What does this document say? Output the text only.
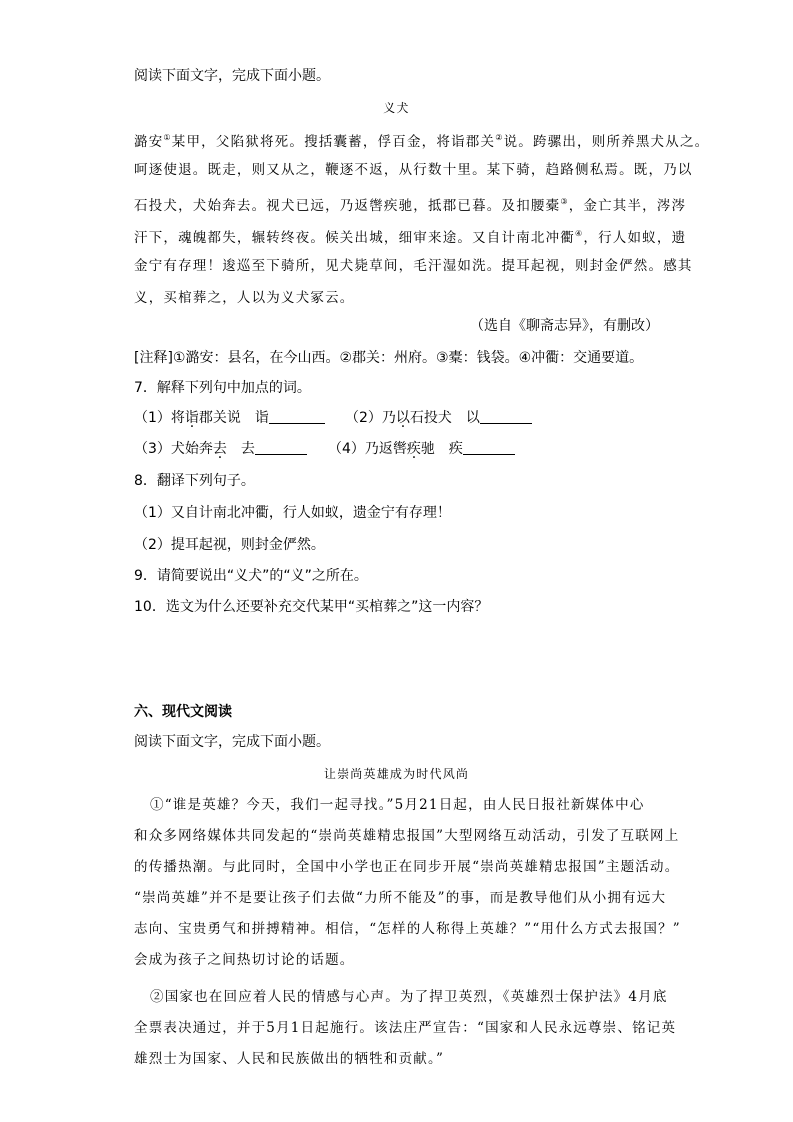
阅读下面文字，完成下面小题。
义犬
潞安①某甲，父陷狱将死。搜括囊蓄，俘百金，将诣郡关②说。跨骡出，则所养黑犬从之。
呵逐使退。既走，则又从之，鞭逐不返，从行数十里。某下骑，趋路侧私焉。既，乃以
石投犬，犬始奔去。视犬已远，乃返辔疾驰，抵郡已暮。及扣腰橐③，金亡其半，涔涔
汗下，魂魄都失，辗转终夜。候关出城，细审来途。又自计南北冲衢④，行人如蚁，遗
金宁有存理！逡巡至下骑所，见犬毙草间，毛汗湿如洗。提耳起视，则封金俨然。感其
义，买棺葬之，人以为义犬冢云。
（选自《聊斋志异》，有删改）
[注释]①潞安：县名，在今山西。②郡关：州府。③橐：钱袋。④冲衢：交通要道。
7．解释下列句中加点的词。
（1）将诣郡关说　诣	（2）乃以石投犬　以
（3）犬始奔去　去	（4）乃返辔疾驰　疾
8．翻译下列句子。
（1）又自计南北冲衢，行人如蚁，遗金宁有存理！
（2）提耳起视，则封金俨然。
9．请简要说出“义犬”的“义”之所在。
10．选文为什么还要补充交代某甲“买棺葬之”这一内容？
六、现代文阅读
阅读下面文字，完成下面小题。
让崇尚英雄成为时代风尚
①“谁是英雄？今天，我们一起寻找。”5月21日起，由人民日报社新媒体中心
和众多网络媒体共同发起的“崇尚英雄精忠报国”大型网络互动活动，引发了互联网上
的传播热潮。与此同时，全国中小学也正在同步开展“崇尚英雄精忠报国”主题活动。
“崇尚英雄”并不是要让孩子们去做“力所不能及”的事，而是教导他们从小拥有远大
志向、宝贵勇气和拼搏精神。相信，“怎样的人称得上英雄？”“用什么方式去报国？”
会成为孩子之间热切讨论的话题。
②国家也在回应着人民的情感与心声。为了捍卫英烈，《英雄烈士保护法》4月底
全票表决通过，并于5月1日起施行。该法庄严宣告：“国家和人民永远尊崇、铭记英
雄烈士为国家、人民和民族做出的牺牲和贡献。”
